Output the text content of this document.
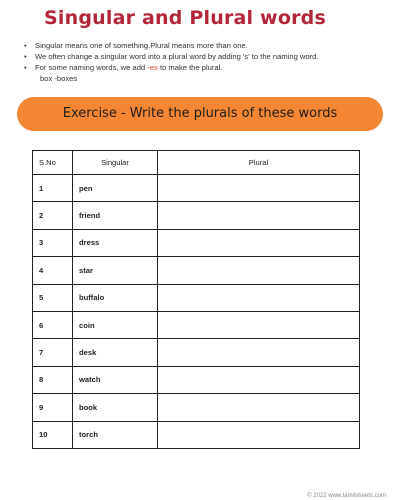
Singular and Plural words
• Singular means one of something.Plural means more than one.
• We often change a singular word into a plural word by adding 's' to the naming word.
• For some naming words, we add -es to make the plural.
box -boxes
Exercise - Write the plurals of these words
S.No	Singular	Plural
1	pen	
2	friend	
3	dress	
4	star	
5	buffalo	
6	coin	
7	desk	
8	watch	
9	book	
10	torch	
© 2022 www.tamilsheets.com
